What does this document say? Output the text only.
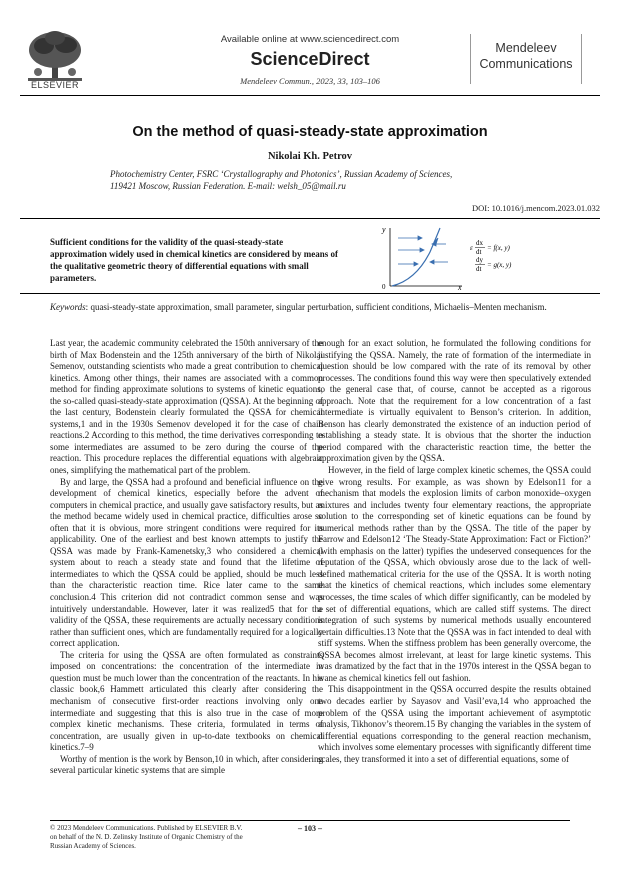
ELSEVIER
Available online at www.sciencedirect.com
ScienceDirect
Mendeleev Commun., 2023, 33, 103–106
Mendeleev
Communications
On the method of quasi-steady-state approximation
Nikolai Kh. Petrov
Photochemistry Center, FSRC ‘Crystallography and Photonics’, Russian Academy of Sciences,
119421 Moscow, Russian Federation. E-mail: welsh_05@mail.ru
DOI: 10.1016/j.mencom.2023.01.032
Sufficient conditions for the validity of the quasi-steady-state approximation widely used in chemical kinetics are considered by means of the qualitative geometric theory of differential equations with small parameters.
y
x
0
ε
dx
dt = f(x, y)
dy
dt = g(x, y)
Keywords: quasi-steady-state approximation, small parameter, singular perturbation, sufficient conditions, Michaelis–Menten mechanism.

Last year, the academic community celebrated the 150th anniversary of the birth of Max Bodenstein and the 125th anniversary of the birth of Nikolai Semenov, outstanding scientists who made a great contribution to chemical kinetics. Among other things, their names are associated with a common method for finding approximate solutions to systems of kinetic equations, the so-called quasi-steady-state approximation (QSSA). At the beginning of the last century, Bodenstein clearly formulated the QSSA for chemical systems,1 and in the 1930s Semenov developed it for the case of chain reactions.2 According to this method, the time derivatives corresponding to some intermediates are assumed to be zero during the course of the reaction. This procedure replaces the differential equations with algebraic ones, simplifying the mathematical part of the problem.

By and large, the QSSA had a profound and beneficial influence on the development of chemical kinetics, especially before the advent of computers in chemical practice, and usually gave satisfactory results, but as the method became widely used in chemical practice, difficulties arose so often that it is obvious, more stringent conditions were required for its applicability. One of the earliest and best known attempts to justify the QSSA was made by Frank-Kamenetsky,3 who considered a chemical system about to reach a steady state and found that the lifetime of intermediates to which the QSSA could be applied, should be much less than the characteristic reaction time. Rice later came to the same conclusion.4 This criterion did not contradict common sense and was intuitively understandable. However, later it was realized5 that for the validity of the QSSA, these requirements are actually necessary conditions rather than sufficient ones, which are fundamentally required for a logically correct application.

The criteria for using the QSSA are often formulated as constraints imposed on concentrations: the concentration of the intermediate in question must be much lower than the concentration of the reactants. In his classic book,6 Hammett articulated this clearly after considering the mechanism of consecutive first-order reactions involving only one intermediate and suggesting that this is also true in the case of more complex kinetic mechanisms. These criteria, formulated in terms of concentration, are usually given in up-to-date textbooks on chemical kinetics.7–9

Worthy of mention is the work by Benson,10 in which, after considering several particular kinetic systems that are simple

enough for an exact solution, he formulated the following conditions for justifying the QSSA. Namely, the rate of formation of the intermediate in question should be low compared with the rate of its removal by other processes. The conditions found this way were then speculatively extended to the general case that, of course, cannot be accepted as a rigorous approach. Note that the requirement for a low concentration of a fast intermediate is virtually equivalent to Benson’s criterion. In addition, Benson has clearly demonstrated the existence of an induction period of establishing a steady state. It is obvious that the shorter the induction period compared with the characteristic reaction time, the better the approximation given by the QSSA.

However, in the field of large complex kinetic schemes, the QSSA could give wrong results. For example, as was shown by Edelson11 for a mechanism that models the explosion limits of carbon monoxide–oxygen mixtures and includes twenty four elementary reactions, the appropriate solution to the corresponding set of kinetic equations can be found by numerical methods rather than by the QSSA. The title of the paper by Farrow and Edelson12 ‘The Steady-State Approximation: Fact or Fiction?’ (with emphasis on the latter) typifies the undeserved consequences for the reputation of the QSSA, which obviously arose due to the lack of well-defined mathematical criteria for the use of the QSSA. It is worth noting that the kinetics of chemical reactions, which includes some elementary processes, the time scales of which differ significantly, can be modeled by a set of differential equations, which are called stiff systems. The direct integration of such systems by numerical methods usually encountered certain difficulties.13 Note that the QSSA was in fact intended to deal with stiff systems. When the stiffness problem has been generally overcome, the QSSA becomes almost irrelevant, at least for large kinetic systems. This was dramatized by the fact that in the 1970s interest in the QSSA began to wane as chemical kinetics fell out fashion.

This disappointment in the QSSA occurred despite the results obtained two decades earlier by Sayasov and Vasil’eva,14 who approached the problem of the QSSA using the important achievement of asymptotic analysis, Tikhonov’s theorem.15 By changing the variables in the system of differential equations corresponding to the general reaction mechanism, which involves some elementary processes with significantly different time scales, they transformed it into a set of differential equations, some of

© 2023 Mendeleev Communications. Published by ELSEVIER B.V.
on behalf of the N. D. Zelinsky Institute of Organic Chemistry of the
Russian Academy of Sciences.
– 103 –
